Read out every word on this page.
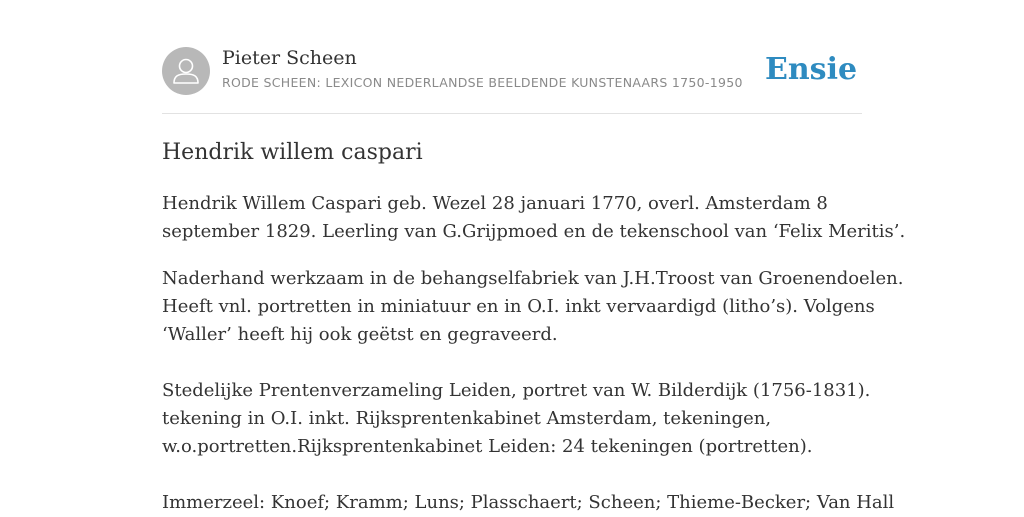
Pieter Scheen
RODE SCHEEN: LEXICON NEDERLANDSE BEELDENDE KUNSTENAARS 1750-1950 Ensie
Hendrik willem caspari

Hendrik Willem Caspari geb. Wezel 28 januari 1770, overl. Amsterdam 8
september 1829. Leerling van G.Grijpmoed en de tekenschool van ‘Felix Meritis’.

Naderhand werkzaam in de behangselfabriek van J.H.Troost van Groenendoelen.
Heeft vnl. portretten in miniatuur en in O.I. inkt vervaardigd (litho’s). Volgens
‘Waller’ heeft hij ook geëtst en gegraveerd.

Stedelijke Prentenverzameling Leiden, portret van W. Bilderdijk (1756-1831).
tekening in O.I. inkt. Rijksprentenkabinet Amsterdam, tekeningen,
w.o.portretten.Rijksprentenkabinet Leiden: 24 tekeningen (portretten).

Immerzeel: Knoef; Kramm; Luns; Plasschaert; Scheen; Thieme-Becker; Van Hall
